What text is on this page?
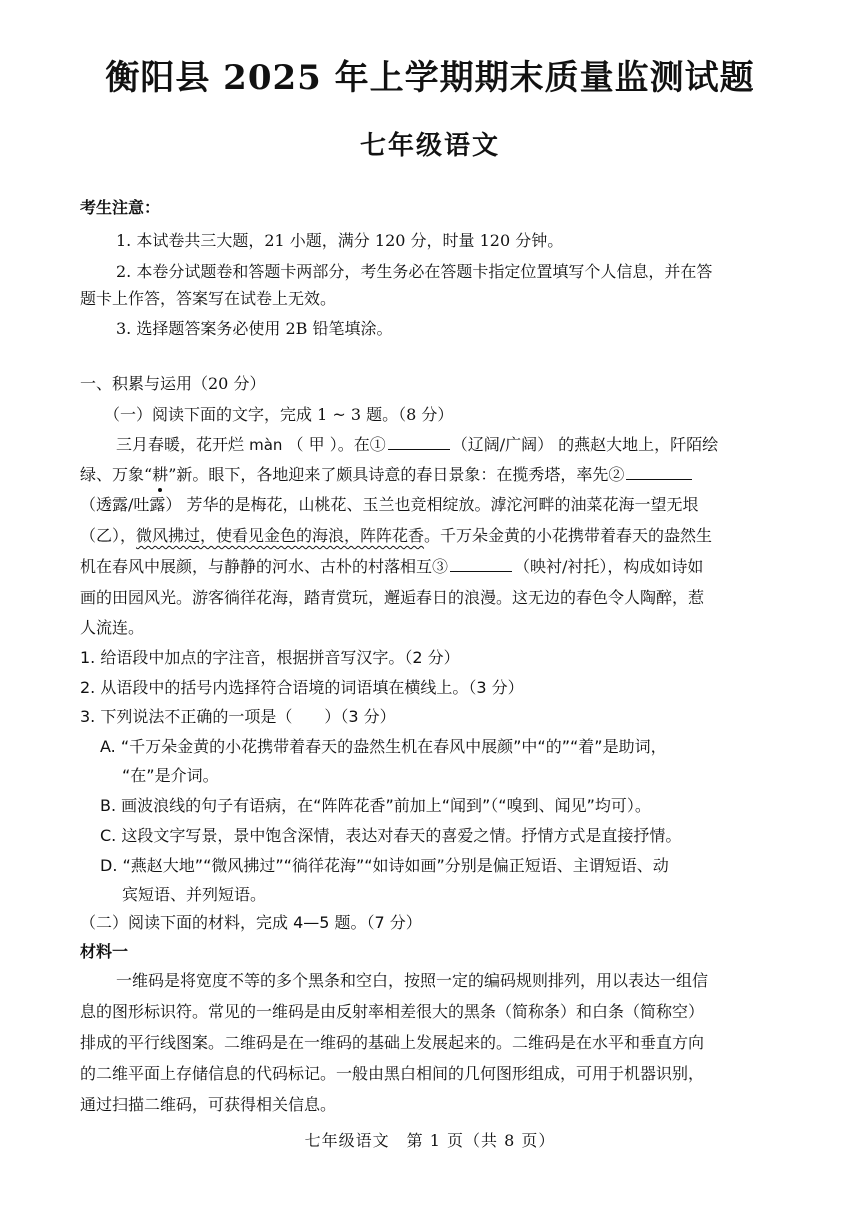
衡阳县 2025 年上学期期末质量监测试题
七年级语文
考生注意：
1. 本试卷共三大题，21 小题，满分 120 分，时量 120 分钟。
2. 本卷分试题卷和答题卡两部分，考生务必在答题卡指定位置填写个人信息，并在答
题卡上作答，答案写在试卷上无效。
3. 选择题答案务必使用 2B 铅笔填涂。
一、积累与运用（20 分）
（一）阅读下面的文字，完成 1 ~ 3 题。（8 分）
三月春暖，花开烂 màn （ 甲 ）。在①	（辽阔/广阔） 的燕赵大地上，阡陌绘
绿、万象“耕”新。眼下，各地迎来了颇具诗意的春日景象：在揽秀塔，率先②
（透露/吐露） 芳华的是梅花，山桃花、玉兰也竞相绽放。滹沱河畔的油菜花海一望无垠
（乙），微风拂过，使看见金色的海浪，阵阵花香。千万朵金黄的小花携带着春天的盎然生
机在春风中展颜，与静静的河水、古朴的村落相互③	（映衬/衬托），构成如诗如
画的田园风光。游客徜徉花海，踏青赏玩，邂逅春日的浪漫。这无边的春色令人陶醉，惹
人流连。
1. 给语段中加点的字注音，根据拼音写汉字。（2 分）
2. 从语段中的括号内选择符合语境的词语填在横线上。（3 分）
3. 下列说法不正确的一项是（　　）（3 分）
A. “千万朵金黄的小花携带着春天的盎然生机在春风中展颜”中“的”“着”是助词，
“在”是介词。
B. 画波浪线的句子有语病，在“阵阵花香”前加上“闻到”（“嗅到、闻见”均可）。
C. 这段文字写景，景中饱含深情，表达对春天的喜爱之情。抒情方式是直接抒情。
D. “燕赵大地”“微风拂过”“徜徉花海”“如诗如画”分别是偏正短语、主谓短语、动
宾短语、并列短语。
（二）阅读下面的材料，完成 4—5 题。（7 分）
材料一
一维码是将宽度不等的多个黑条和空白，按照一定的编码规则排列，用以表达一组信
息的图形标识符。常见的一维码是由反射率相差很大的黑条（简称条）和白条（简称空）
排成的平行线图案。二维码是在一维码的基础上发展起来的。二维码是在水平和垂直方向
的二维平面上存储信息的代码标记。一般由黑白相间的几何图形组成，可用于机器识别，
通过扫描二维码，可获得相关信息。
七年级语文　第 1 页（共 8 页）
